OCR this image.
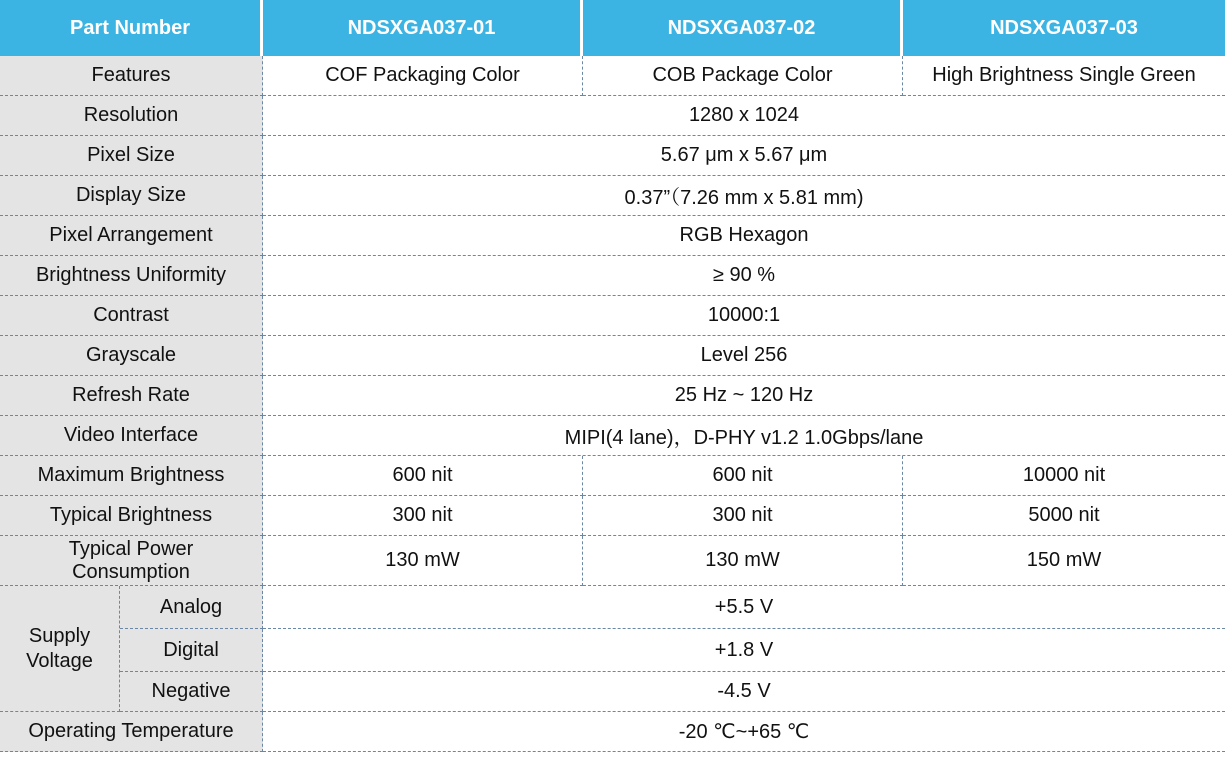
Part Number		NDSXGA037-01	NDSXGA037-02	NDSXGA037-03
Features		COF Packaging Color	COB Package Color	High Brightness Single Green
Resolution		1280 x 1024		
Pixel Size		5.67 μm x 5.67 μm		
Display Size		0.37”（7.26 mm x 5.81 mm)		
Pixel Arrangement		RGB Hexagon		
Brightness Uniformity		≥ 90 %		
Contrast		10000:1		
Grayscale		Level 256		
Refresh Rate		25 Hz ~ 120 Hz		
Video Interface		MIPI(4 lane)，D-PHY v1.2 1.0Gbps/lane		
Maximum Brightness		600 nit	600 nit	10000 nit
Typical Brightness		300 nit	300 nit	5000 nit
Typical Power
Consumption		130 mW	130 mW	150 mW
Supply
Voltage	Analog	+5.5 V		
	Digital	+1.8 V		
	Negative	-4.5 V		
Operating Temperature		-20 ℃~+65 ℃		
